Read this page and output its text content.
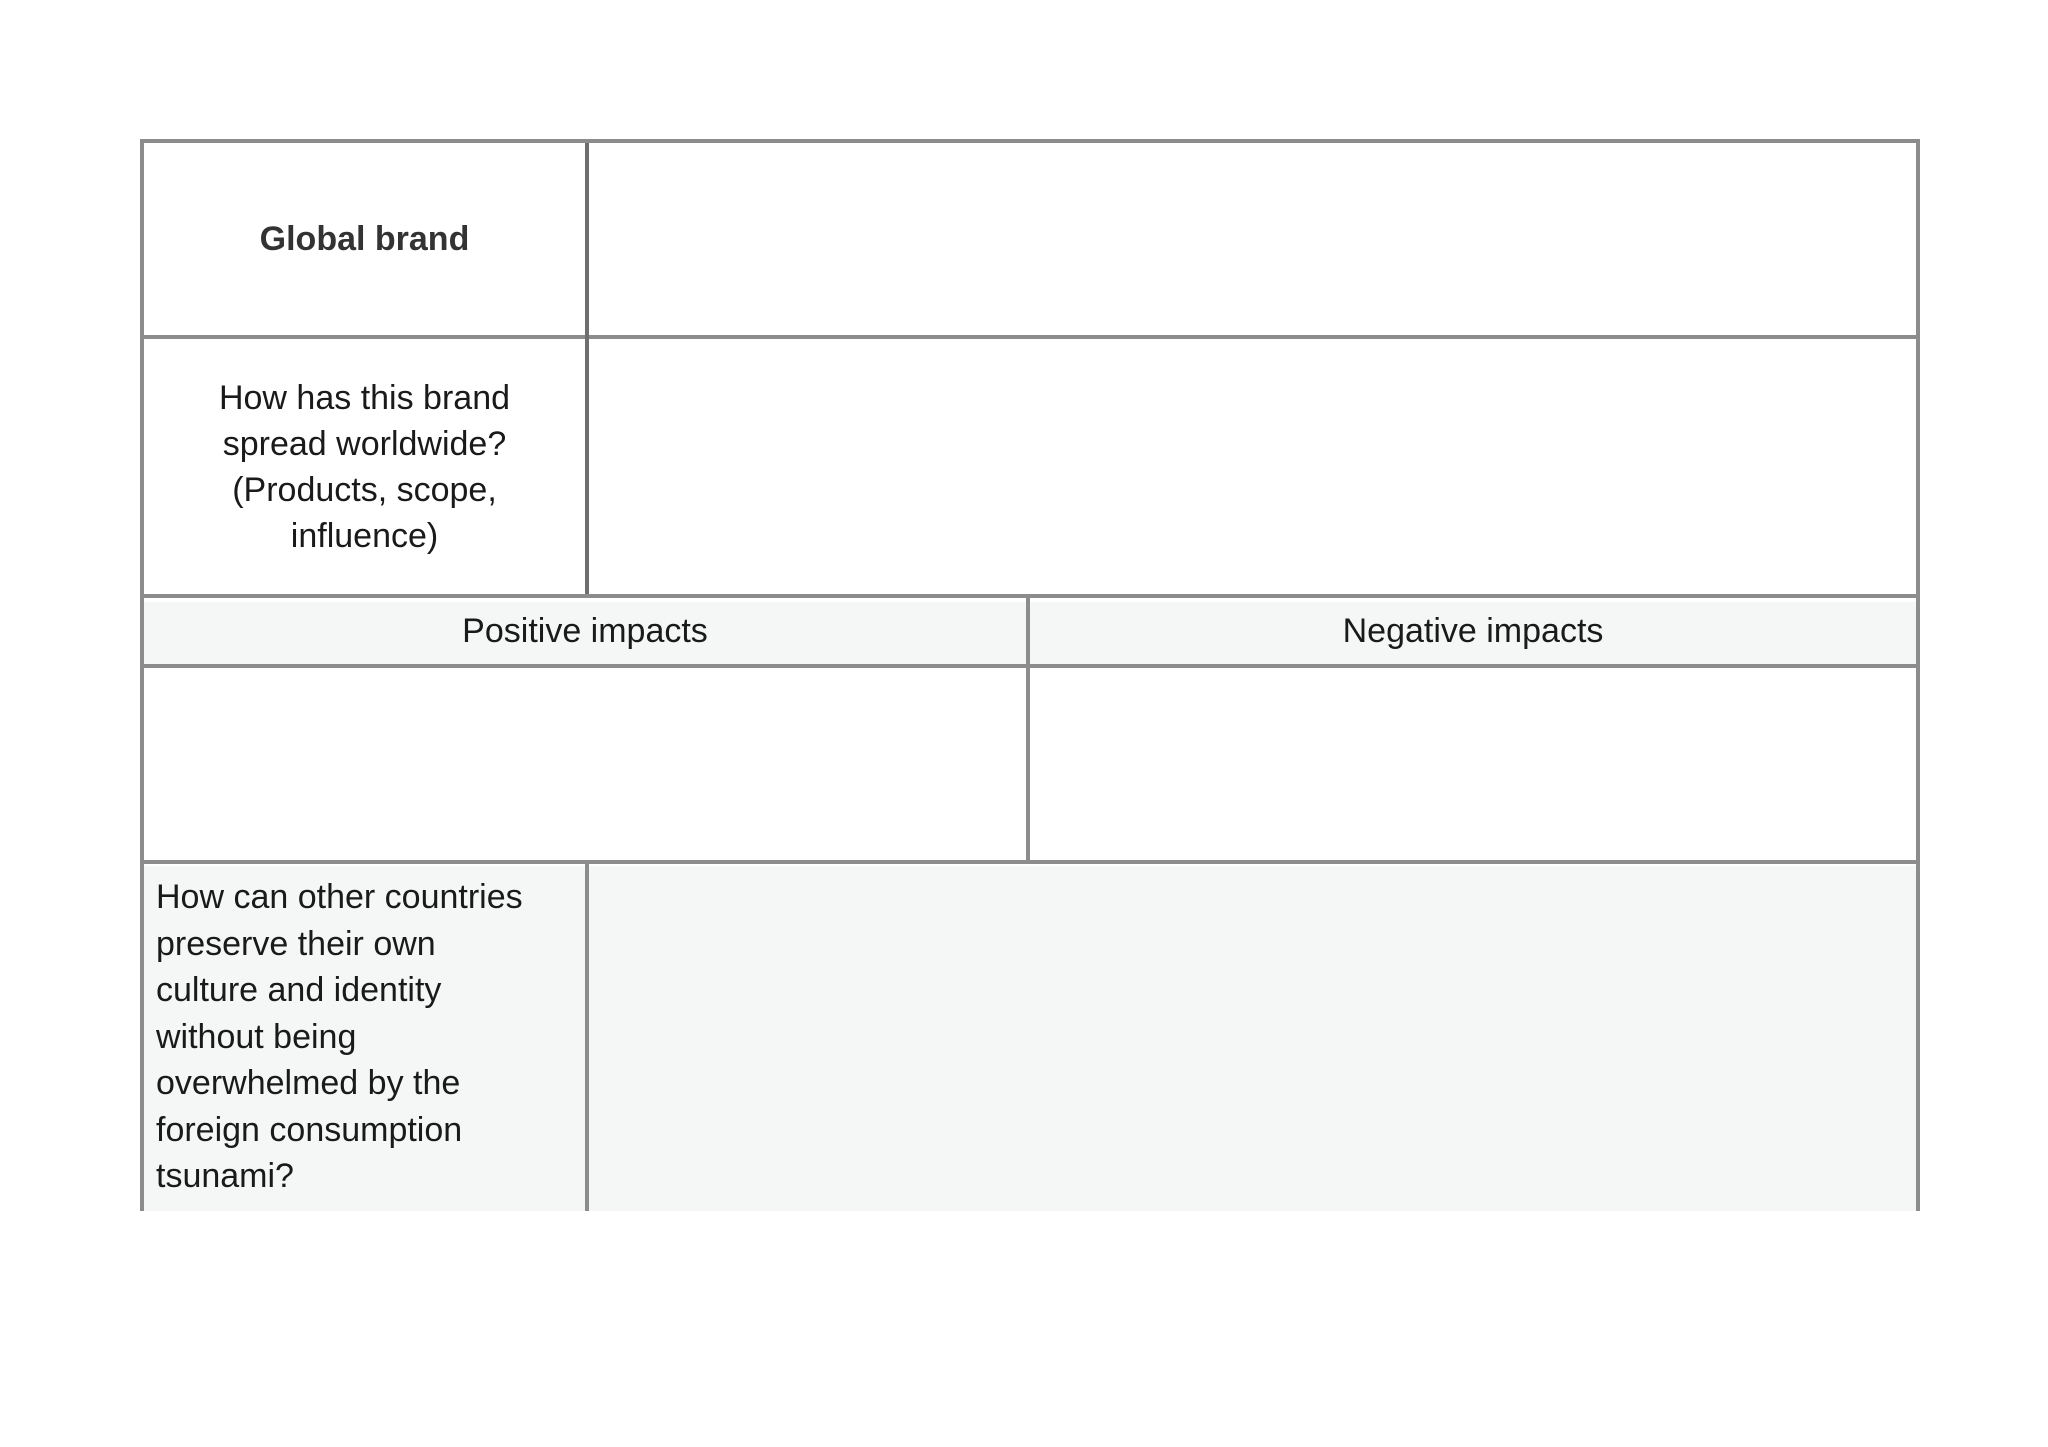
Global brand
How has this brand
spread worldwide?
(Products, scope,
influence)
Positive impacts	Negative impacts
How can other countries
preserve their own
culture and identity
without being
overwhelmed by the
foreign consumption
tsunami?
